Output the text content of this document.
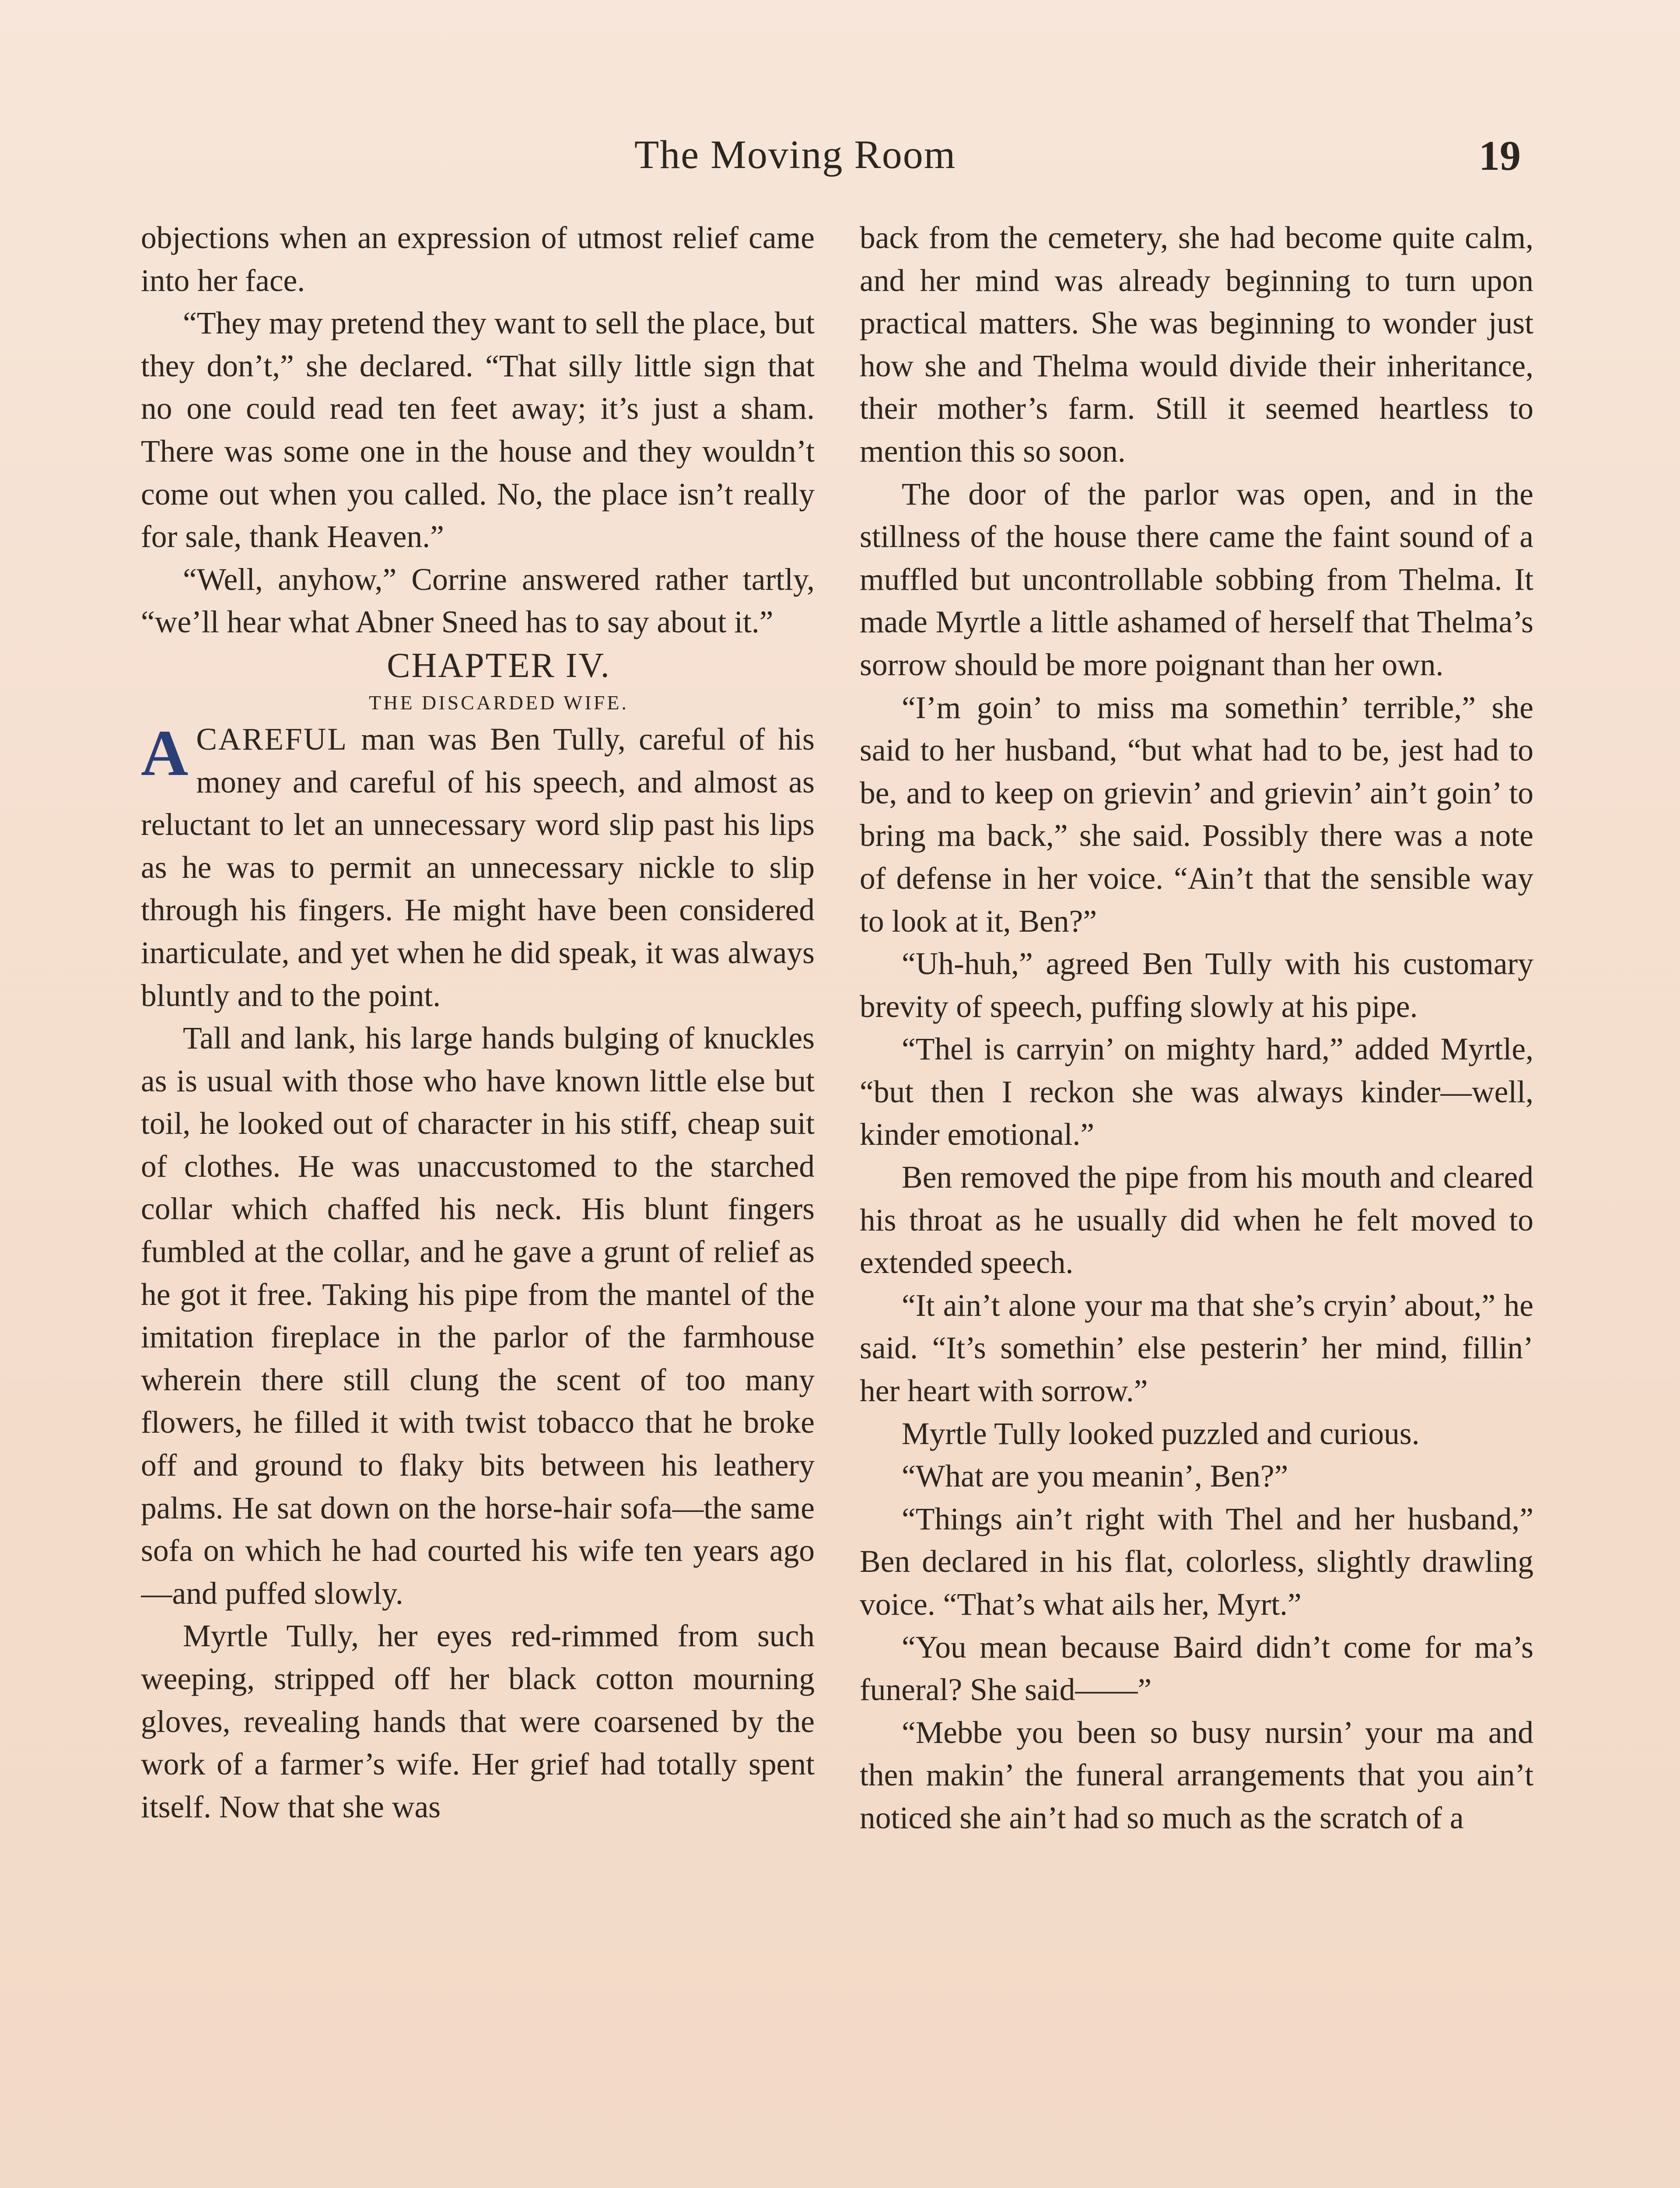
The Moving Room	19

objections when an expression of utmost relief came into her face.

“They may pretend they want to sell the place, but they don’t,” she declared. “That silly little sign that no one could read ten feet away; it’s just a sham. There was some one in the house and they wouldn’t come out when you called. No, the place isn’t really for sale, thank Heaven.”

“Well, anyhow,” Corrine answered rather tartly, “we’ll hear what Abner Sneed has to say about it.”

CHAPTER IV.

THE DISCARDED WIFE.

ACAREFUL man was Ben Tully, careful of his money and careful of his speech, and almost as reluctant to let an unnecessary word slip past his lips as he was to permit an unnecessary nickle to slip through his fingers. He might have been considered inarticulate, and yet when he did speak, it was always bluntly and to the point.

Tall and lank, his large hands bulging of knuckles as is usual with those who have known little else but toil, he looked out of character in his stiff, cheap suit of clothes. He was unaccustomed to the starched collar which chaffed his neck. His blunt fingers fumbled at the collar, and he gave a grunt of relief as he got it free. Taking his pipe from the mantel of the imitation fireplace in the parlor of the farmhouse wherein there still clung the scent of too many flowers, he filled it with twist tobacco that he broke off and ground to flaky bits between his leathery palms. He sat down on the horse-hair sofa—the same sofa on which he had courted his wife ten years ago—and puffed slowly.

Myrtle Tully, her eyes red-rimmed from such weeping, stripped off her black cotton mourning gloves, revealing hands that were coarsened by the work of a farmer’s wife. Her grief had totally spent itself. Now that she was

back from the cemetery, she had become quite calm, and her mind was already beginning to turn upon practical matters. She was beginning to wonder just how she and Thelma would divide their inheritance, their mother’s farm. Still it seemed heartless to mention this so soon.

The door of the parlor was open, and in the stillness of the house there came the faint sound of a muffled but uncontrollable sobbing from Thelma. It made Myrtle a little ashamed of herself that Thelma’s sorrow should be more poignant than her own.

“I’m goin’ to miss ma somethin’ terrible,” she said to her husband, “but what had to be, jest had to be, and to keep on grievin’ and grievin’ ain’t goin’ to bring ma back,” she said. Possibly there was a note of defense in her voice. “Ain’t that the sensible way to look at it, Ben?”

“Uh-huh,” agreed Ben Tully with his customary brevity of speech, puffing slowly at his pipe.

“Thel is carryin’ on mighty hard,” added Myrtle, “but then I reckon she was always kinder—well, kinder emotional.”

Ben removed the pipe from his mouth and cleared his throat as he usually did when he felt moved to extended speech.

“It ain’t alone your ma that she’s cryin’ about,” he said. “It’s somethin’ else pesterin’ her mind, fillin’ her heart with sorrow.”

Myrtle Tully looked puzzled and curious.

“What are you meanin’, Ben?”

“Things ain’t right with Thel and her husband,” Ben declared in his flat, colorless, slightly drawling voice. “That’s what ails her, Myrt.”

“You mean because Baird didn’t come for ma’s funeral? She said——”

“Mebbe you been so busy nursin’ your ma and then makin’ the funeral arrangements that you ain’t noticed she ain’t had so much as the scratch of a
